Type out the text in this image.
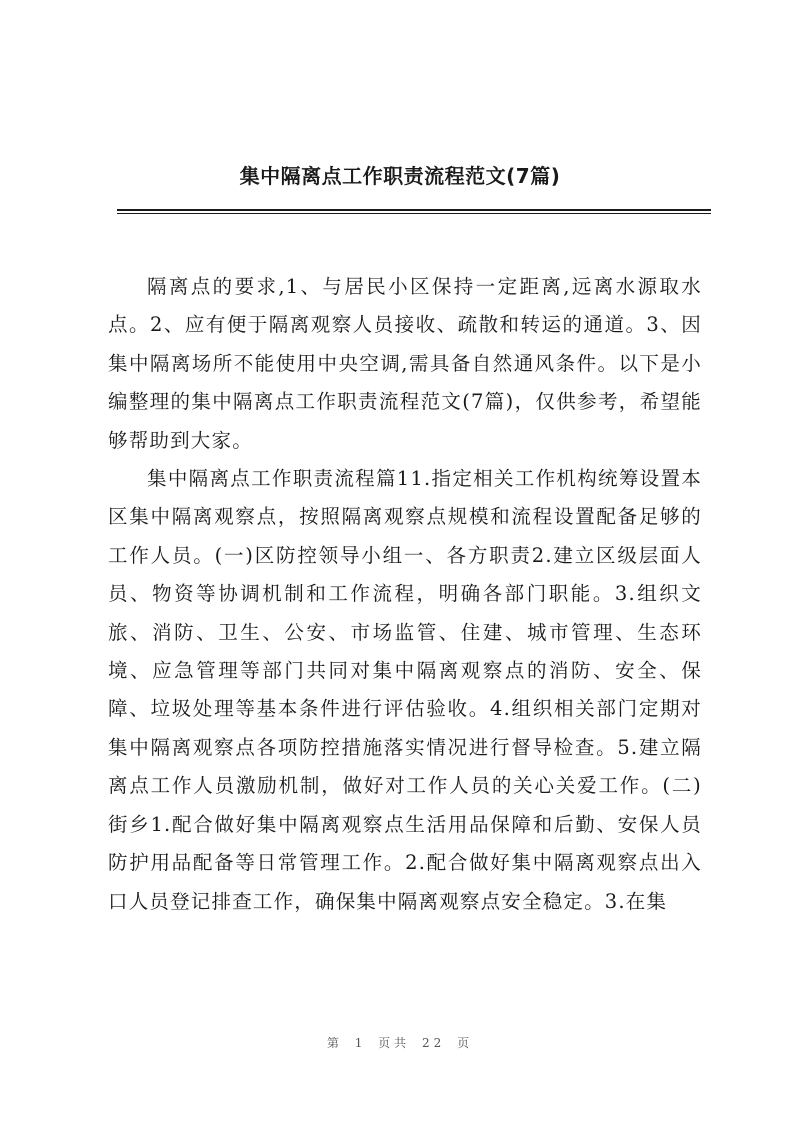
集中隔离点工作职责流程范文(7篇)

隔离点的要求,1、与居民小区保持一定距离,远离水源取水点。2、应有便于隔离观察人员接收、疏散和转运的通道。3、因集中隔离场所不能使用中央空调,需具备自然通风条件。以下是小编整理的集中隔离点工作职责流程范文(7篇)，仅供参考，希望能够帮助到大家。

集中隔离点工作职责流程篇11.指定相关工作机构统筹设置本区集中隔离观察点，按照隔离观察点规模和流程设置配备足够的工作人员。(一)区防控领导小组一、各方职责2.建立区级层面人员、物资等协调机制和工作流程，明确各部门职能。3.组织文旅、消防、卫生、公安、市场监管、住建、城市管理、生态环境、应急管理等部门共同对集中隔离观察点的消防、安全、保障、垃圾处理等基本条件进行评估验收。4.组织相关部门定期对集中隔离观察点各项防控措施落实情况进行督导检查。5.建立隔离点工作人员激励机制，做好对工作人员的关心关爱工作。(二)街乡1.配合做好集中隔离观察点生活用品保障和后勤、安保人员防护用品配备等日常管理工作。2.配合做好集中隔离观察点出入口人员登记排查工作，确保集中隔离观察点安全稳定。3.在集

第 1 页共 22 页
